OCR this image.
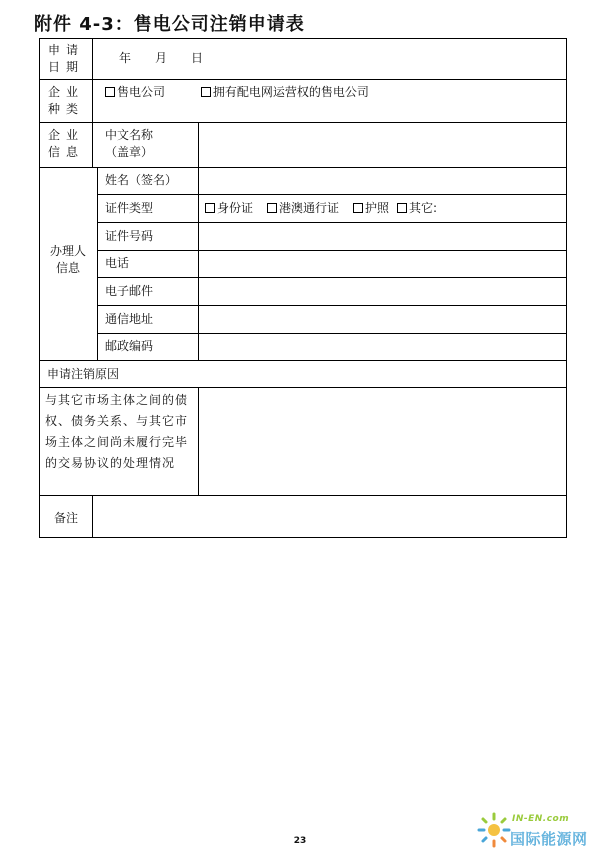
附件 4-3：售电公司注销申请表
申请
日期
年　　月　　日
企业
种类
售电公司	拥有配电网运营权的售电公司
企业
信息
中文名称
（盖章）
办理人
信息
姓名（签名）
证件类型
证件号码
电话
电子邮件
通信地址
邮政编码
身份证 港澳通行证 护照 其它:
申请注销原因
与其它市场主体之间的债权、债务关系、与其它市场主体之间尚未履行完毕的交易协议的处理情况
备注
23
IN-EN.com
国际能源网
